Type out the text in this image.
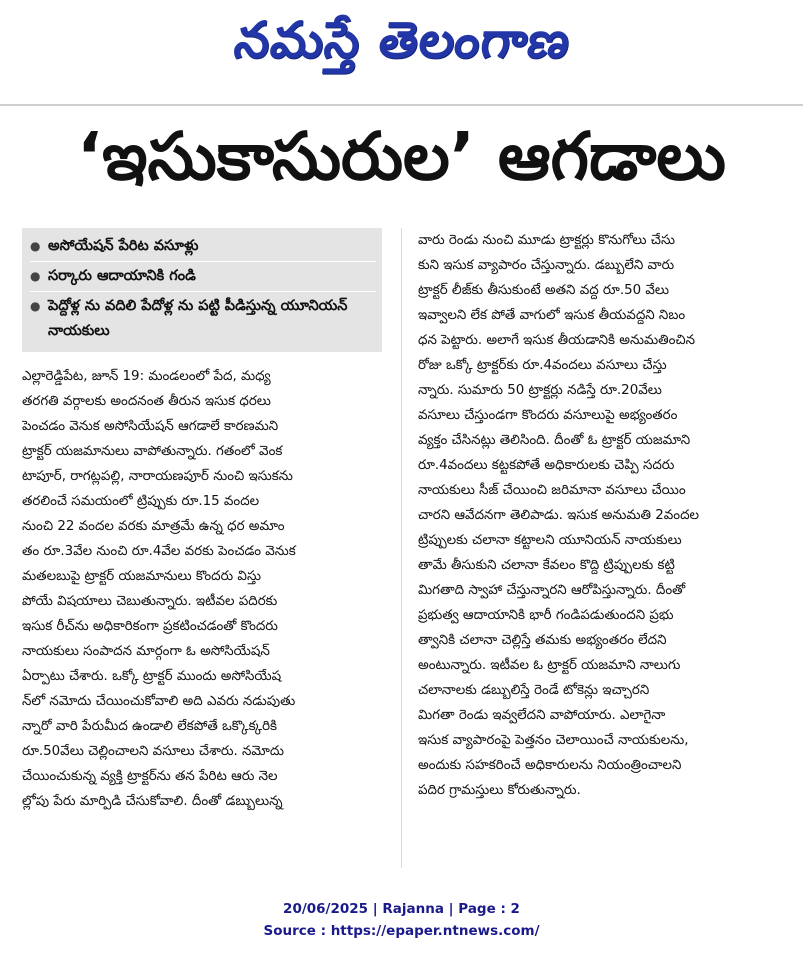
నమస్తే తెలంగాణ
‘ఇసుకాసురుల’ ఆగడాలు
● అసోయేషన్ పేరిట వసూళ్లు
● సర్కారు ఆదాయానికి గండి
● పెద్దోళ్ల ను వదిలి పేదోళ్ల ను పట్టి పీడిస్తున్న యూనియన్ నాయకులు
ఎల్లారెడ్డిపేట, జూన్ 19: మండలంలో పేద, మధ్య
తరగతి వర్గాలకు అందనంత తీరున ఇసుక ధరలు
పెంచడం వెనుక అసోసియేషన్ ఆగడాలే కారణమని
ట్రాక్టర్ యజమానులు వాపోతున్నారు. గతంలో వెంక
టాపూర్, రాగట్లపల్లి, నారాయణపూర్ నుంచి ఇసుకను
తరలించే సమయంలో ట్రిప్పుకు రూ.15 వందల
నుంచి 22 వందల వరకు మాత్రమే ఉన్న ధర అమాం
తం రూ.3వేల నుంచి రూ.4వేల వరకు పెంచడం వెనుక
మతలబుపై ట్రాక్టర్ యజమానులు కొందరు విస్తు
పోయే విషయాలు చెబుతున్నారు. ఇటీవల పదిరకు
ఇసుక రీచ్‌ను అధికారికంగా ప్రకటించడంతో కొందరు
నాయకులు సంపాదన మార్గంగా ఓ అసోసియేషన్
ఏర్పాటు చేశారు. ఒక్కో ట్రాక్టర్ ముందు అసోసియేష
న్‌లో నమోదు చేయించుకోవాలి అది ఎవరు నడుపుతు
న్నారో వారి పేరుమీద ఉండాలి లేకపోతే ఒక్కొక్కరికి
రూ.50వేలు చెల్లించాలని వసూలు చేశారు. నమోదు
చేయించుకున్న వ్యక్తి ట్రాక్టర్‌ను తన పేరిట ఆరు నెల
ల్లోపు పేరు మార్పిడి చేసుకోవాలి. దీంతో డబ్బులున్న
వారు రెండు నుంచి మూడు ట్రాక్టర్లు కొనుగోలు చేసు
కుని ఇసుక వ్యాపారం చేస్తున్నారు. డబ్బులేని వారు
ట్రాక్టర్ లీజ్‌కు తీసుకుంటే అతని వద్ద రూ.50 వేలు
ఇవ్వాలని లేక పోతే వాగులో ఇసుక తీయవద్దని నిబం
ధన పెట్టారు. అలాగే ఇసుక తీయడానికి అనుమతించిన
రోజు ఒక్కో ట్రాక్టర్‌కు రూ.4వందలు వసూలు చేస్తు
న్నారు. సుమారు 50 ట్రాక్టర్లు నడిస్తే రూ.20వేలు
వసూలు చేస్తుండగా కొందరు వసూలుపై అభ్యంతరం
వ్యక్తం చేసినట్లు తెలిసింది. దీంతో ఓ ట్రాక్టర్ యజమాని
రూ.4వందలు కట్టకపోతే అధికారులకు చెప్పి సదరు
నాయకులు సీజ్ చేయించి జరిమానా వసూలు చేయిం
చారని ఆవేదనగా తెలిపాడు. ఇసుక అనుమతి 2వందల
ట్రిప్పులకు చలానా కట్టాలని యూనియన్ నాయకులు
తామే తీసుకుని చలానా కేవలం కొద్ది ట్రిప్పులకు కట్టి
మిగతాది స్వాహా చేస్తున్నారని ఆరోపిస్తున్నారు. దీంతో
ప్రభుత్వ ఆదాయానికి భారీ గండిపడుతుందని ప్రభు
త్వానికి చలానా చెల్లిస్తే తమకు అభ్యంతరం లేదని
అంటున్నారు. ఇటీవల ఓ ట్రాక్టర్ యజమాని నాలుగు
చలానాలకు డబ్బులిస్తే రెండే టోకెన్లు ఇచ్చారని
మిగతా రెండు ఇవ్వలేదని వాపోయారు. ఎలాగైనా
ఇసుక వ్యాపారంపై పెత్తనం చెలాయించే నాయకులను,
అందుకు సహకరించే అధికారులను నియంత్రించాలని
పదిర గ్రామస్తులు కోరుతున్నారు.
20/06/2025 | Rajanna | Page : 2
Source : https://epaper.ntnews.com/
